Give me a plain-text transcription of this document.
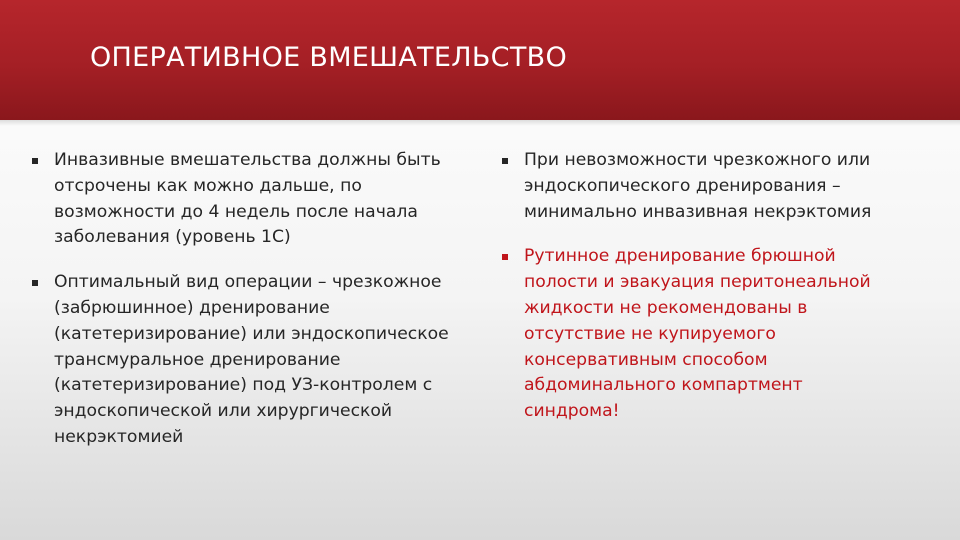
ОПЕРАТИВНОЕ ВМЕШАТЕЛЬСТВО
Инвазивные вмешательства должны быть отсрочены как можно дальше, по возможности до 4 недель после начала заболевания (уровень 1С)
Оптимальный вид операции – чрезкожное (забрюшинное) дренирование (катетеризирование) или эндоскопическое трансмуральное дренирование (катетеризирование) под УЗ-контролем с эндоскопической или хирургической некрэктомией
При невозможности чрезкожного или эндоскопического дренирования – минимально инвазивная некрэктомия
Рутинное дренирование брюшной полости и эвакуация перитонеальной жидкости не рекомендованы в отсутствие не купируемого консервативным способом абдоминального компартмент синдрома!
